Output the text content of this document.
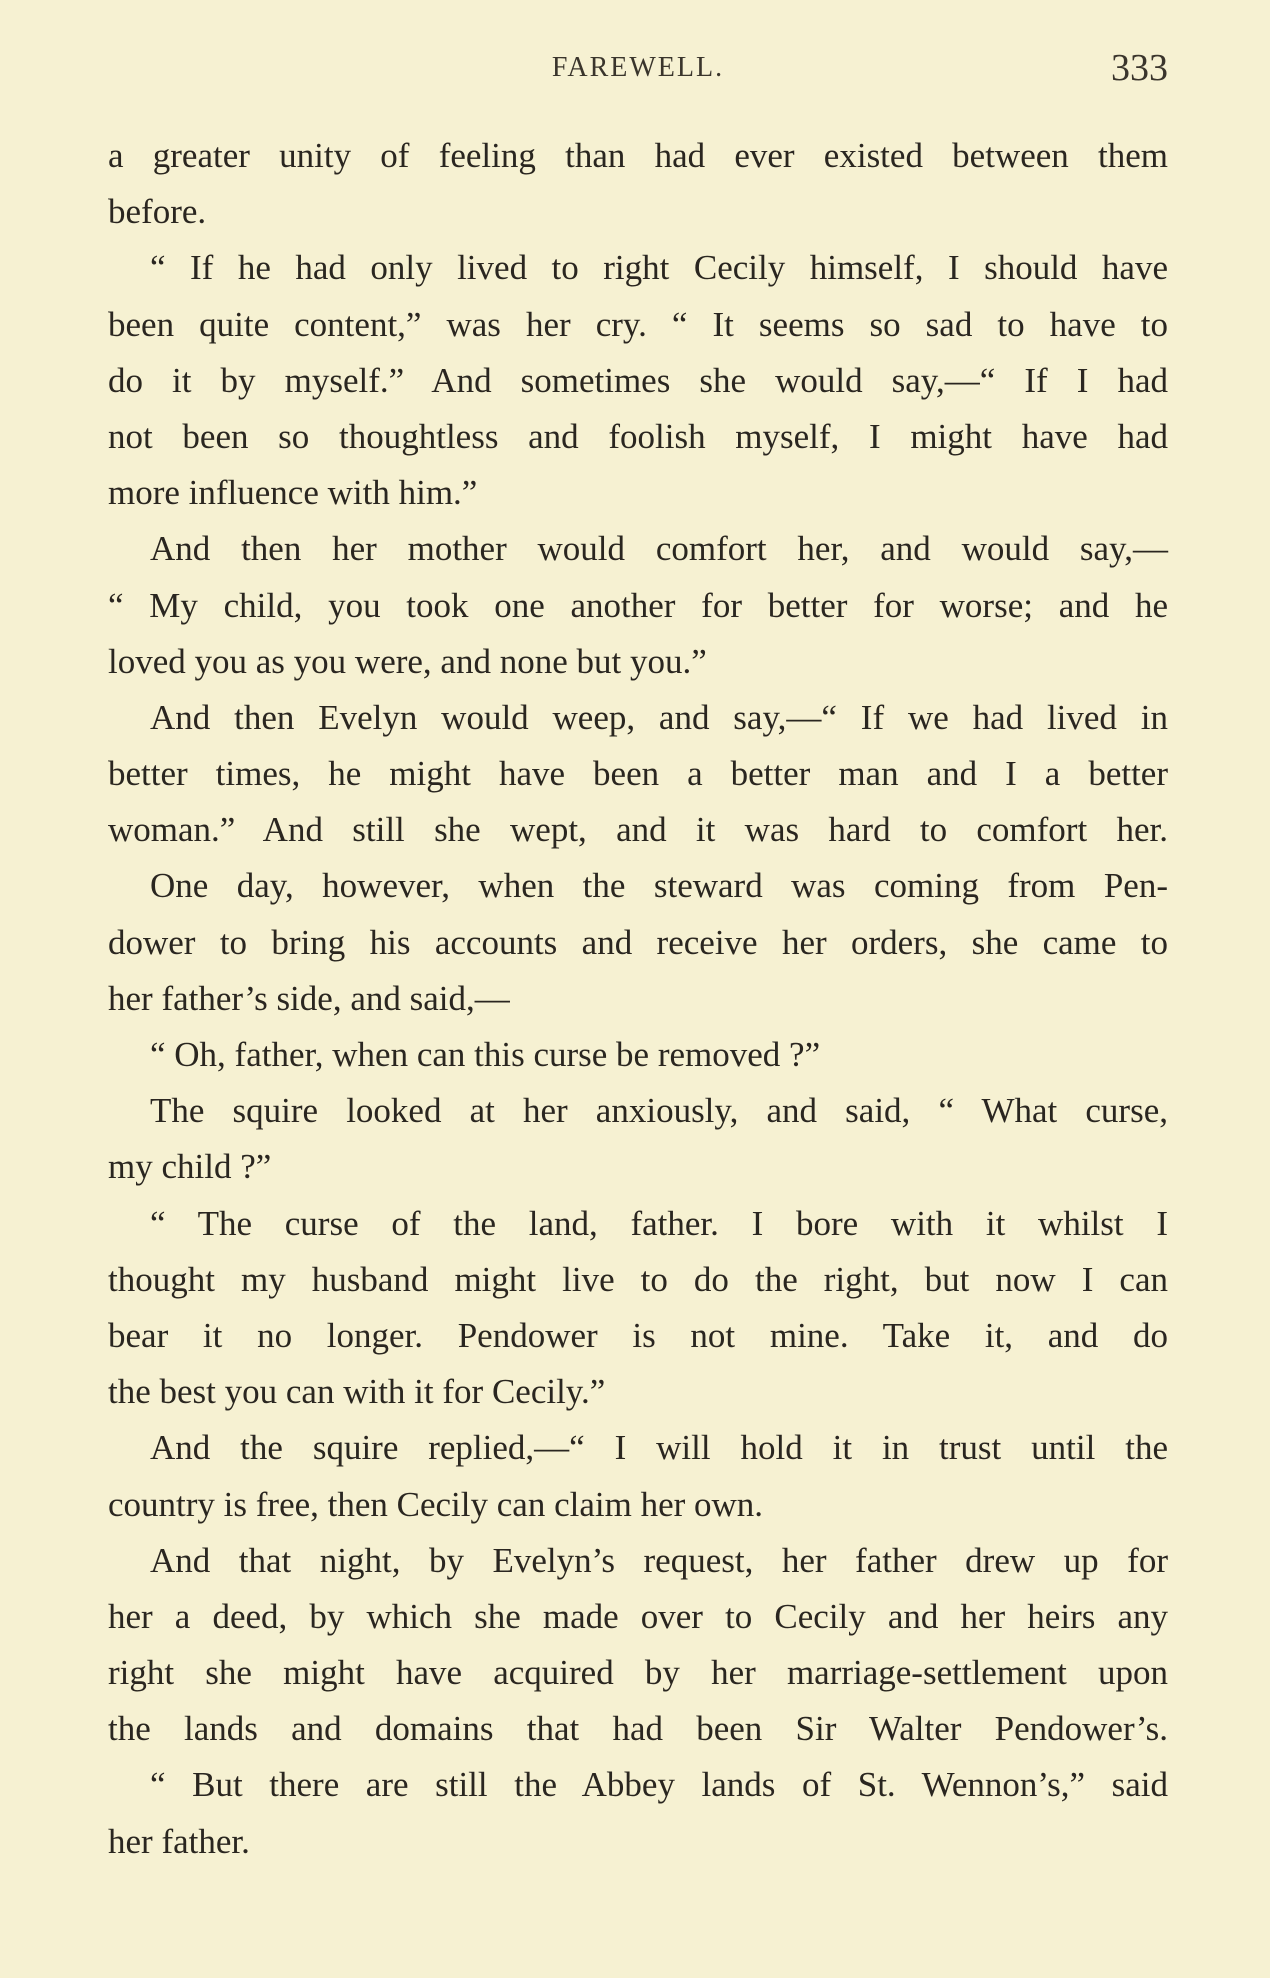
FAREWELL.	333
a greater unity of feeling than had ever existed between them
before.
“ If he had only lived to right Cecily himself, I should have
been quite content,” was her cry. “ It seems so sad to have to
do it by myself.” And sometimes she would say,—“ If I had
not been so thoughtless and foolish myself, I might have had
more influence with him.”
And then her mother would comfort her, and would say,—
“ My child, you took one another for better for worse; and he
loved you as you were, and none but you.”
And then Evelyn would weep, and say,—“ If we had lived in
better times, he might have been a better man and I a better
woman.” And still she wept, and it was hard to comfort her.
One day, however, when the steward was coming from Pen-
dower to bring his accounts and receive her orders, she came to
her father’s side, and said,—
“ Oh, father, when can this curse be removed ?”
The squire looked at her anxiously, and said, “ What curse,
my child ?”
“ The curse of the land, father. I bore with it whilst I
thought my husband might live to do the right, but now I can
bear it no longer. Pendower is not mine. Take it, and do
the best you can with it for Cecily.”
And the squire replied,—“ I will hold it in trust until the
country is free, then Cecily can claim her own.
And that night, by Evelyn’s request, her father drew up for
her a deed, by which she made over to Cecily and her heirs any
right she might have acquired by her marriage-settlement upon
the lands and domains that had been Sir Walter Pendower’s.
“ But there are still the Abbey lands of St. Wennon’s,” said
her father.
